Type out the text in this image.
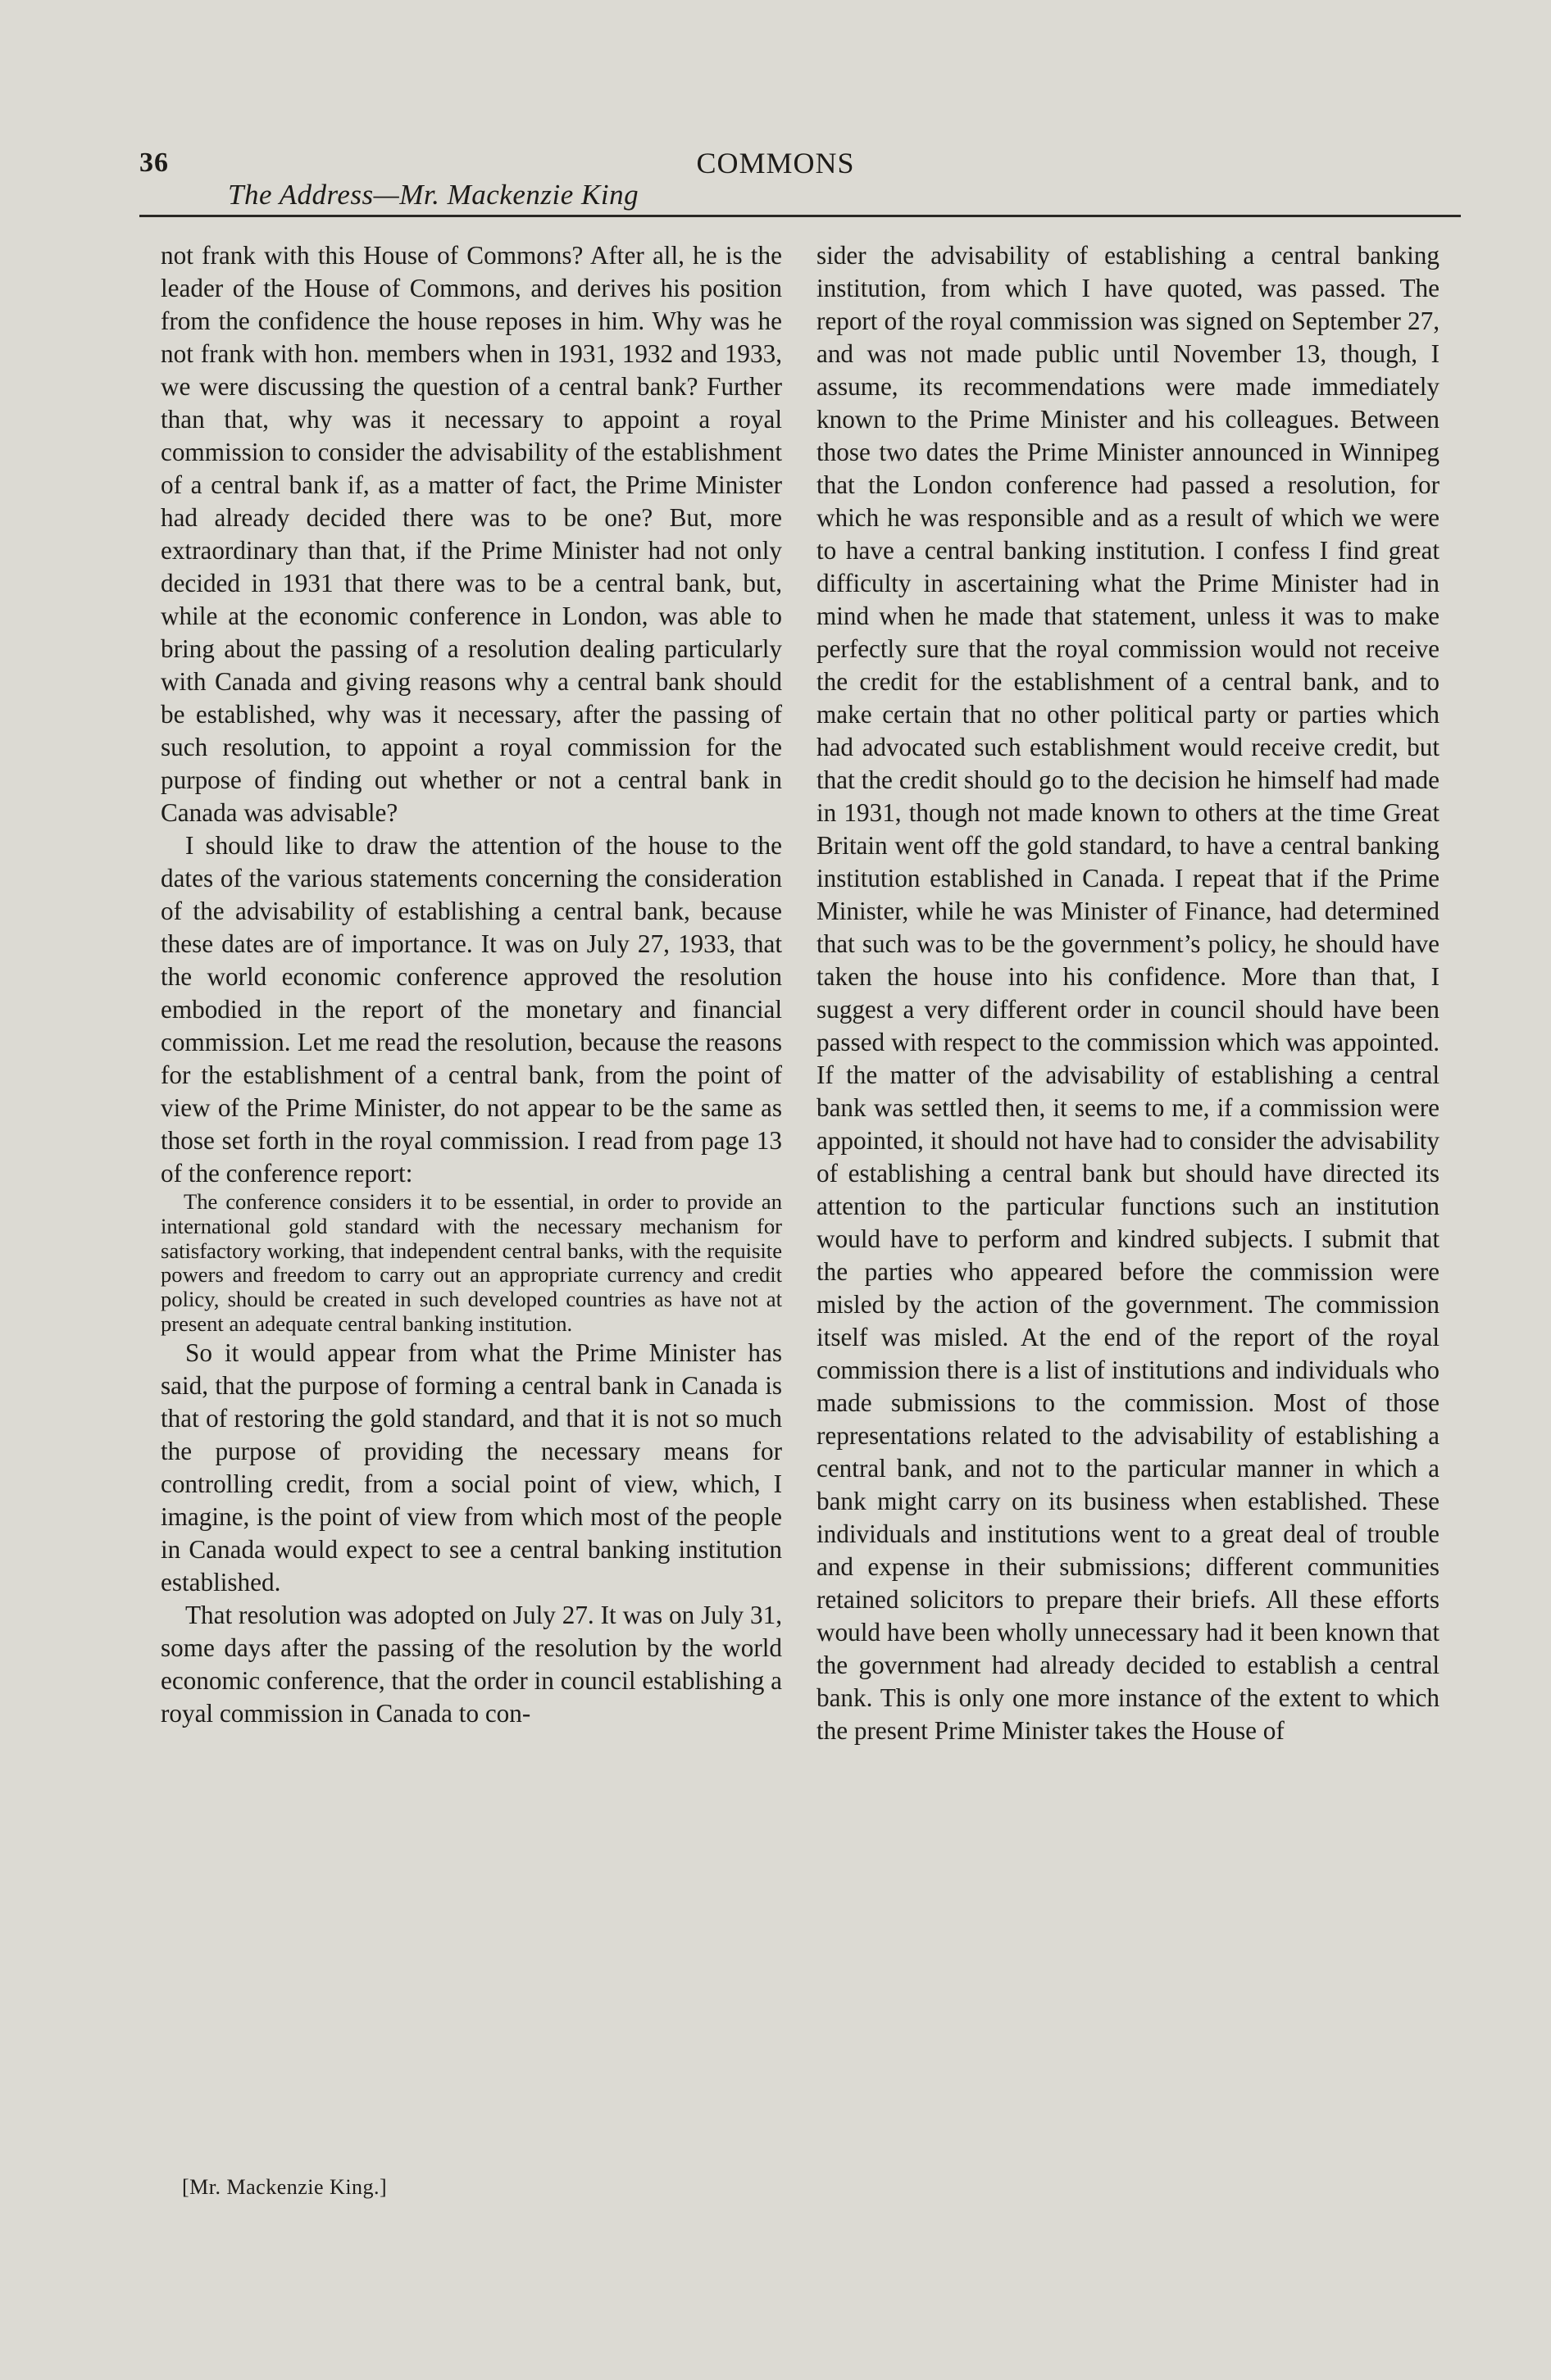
36	COMMONS
The Address—Mr. Mackenzie King

not frank with this House of Commons? After all, he is the leader of the House of Commons, and derives his position from the confidence the house reposes in him. Why was he not frank with hon. members when in 1931, 1932 and 1933, we were discussing the question of a central bank? Further than that, why was it necessary to appoint a royal commission to consider the advisability of the establishment of a central bank if, as a matter of fact, the Prime Minister had already decided there was to be one? But, more extraordinary than that, if the Prime Minister had not only decided in 1931 that there was to be a central bank, but, while at the economic conference in London, was able to bring about the passing of a resolution dealing particularly with Canada and giving reasons why a central bank should be established, why was it necessary, after the passing of such resolution, to appoint a royal commission for the purpose of finding out whether or not a central bank in Canada was advisable?

I should like to draw the attention of the house to the dates of the various statements concerning the consideration of the advisability of establishing a central bank, because these dates are of importance. It was on July 27, 1933, that the world economic conference approved the resolution embodied in the report of the monetary and financial commission. Let me read the resolution, because the reasons for the establishment of a central bank, from the point of view of the Prime Minister, do not appear to be the same as those set forth in the royal commission. I read from page 13 of the conference report:

The conference considers it to be essential, in order to provide an international gold standard with the necessary mechanism for satisfactory working, that independent central banks, with the requisite powers and freedom to carry out an appropriate currency and credit policy, should be created in such developed countries as have not at present an adequate central banking institution.

So it would appear from what the Prime Minister has said, that the purpose of forming a central bank in Canada is that of restoring the gold standard, and that it is not so much the purpose of providing the necessary means for controlling credit, from a social point of view, which, I imagine, is the point of view from which most of the people in Canada would expect to see a central banking institution established.

That resolution was adopted on July 27. It was on July 31, some days after the passing of the resolution by the world economic conference, that the order in council establishing a royal commission in Canada to con-

sider the advisability of establishing a central banking institution, from which I have quoted, was passed. The report of the royal commission was signed on September 27, and was not made public until November 13, though, I assume, its recommendations were made immediately known to the Prime Minister and his colleagues. Between those two dates the Prime Minister announced in Winnipeg that the London conference had passed a resolution, for which he was responsible and as a result of which we were to have a central banking institution. I confess I find great difficulty in ascertaining what the Prime Minister had in mind when he made that statement, unless it was to make perfectly sure that the royal commission would not receive the credit for the establishment of a central bank, and to make certain that no other political party or parties which had advocated such establishment would receive credit, but that the credit should go to the decision he himself had made in 1931, though not made known to others at the time Great Britain went off the gold standard, to have a central banking institution established in Canada. I repeat that if the Prime Minister, while he was Minister of Finance, had determined that such was to be the government’s policy, he should have taken the house into his confidence. More than that, I suggest a very different order in council should have been passed with respect to the commission which was appointed. If the matter of the advisability of establishing a central bank was settled then, it seems to me, if a commission were appointed, it should not have had to consider the advisability of establishing a central bank but should have directed its attention to the particular functions such an institution would have to perform and kindred subjects. I submit that the parties who appeared before the commission were misled by the action of the government. The commission itself was misled. At the end of the report of the royal commission there is a list of institutions and individuals who made submissions to the commission. Most of those representations related to the advisability of establishing a central bank, and not to the particular manner in which a bank might carry on its business when established. These individuals and institutions went to a great deal of trouble and expense in their submissions; different communities retained solicitors to prepare their briefs. All these efforts would have been wholly unnecessary had it been known that the government had already decided to establish a central bank. This is only one more instance of the extent to which the present Prime Minister takes the House of

[Mr. Mackenzie King.]
